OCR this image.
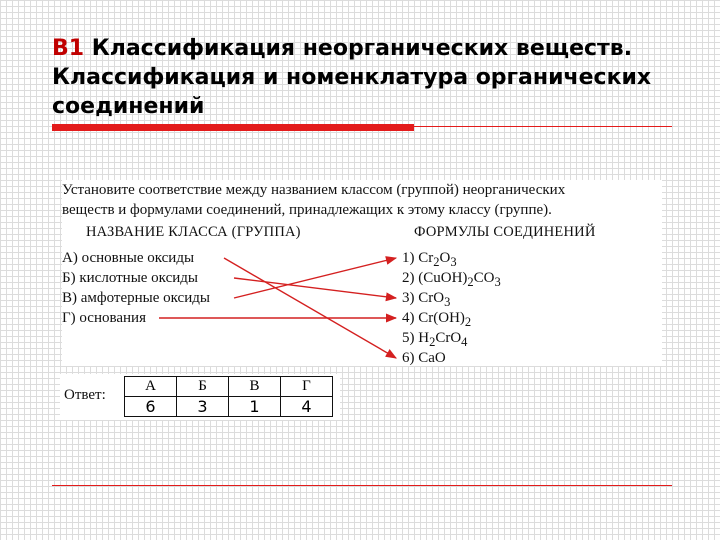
В1 Классификация неорганических веществ. Классификация и номенклатура органических соединений
Установите соответствие между названием классом (группой) неорганических
веществ и формулами соединений, принадлежащих к этому классу (группе).
НАЗВАНИЕ КЛАССА (ГРУППА)	ФОРМУЛЫ СОЕДИНЕНИЙ
А) основные оксиды
Б) кислотные оксиды
В) амфотерные оксиды
Г) основания
1) $Cr_2O_3$
2) $(CuOH)_2CO_3$
3) CrO$_3$
4) $Cr(OH)_2$
5) $H_2CrO_4$
6) CaO
Ответ:
А	Б	В	Г
6	3	1	4
